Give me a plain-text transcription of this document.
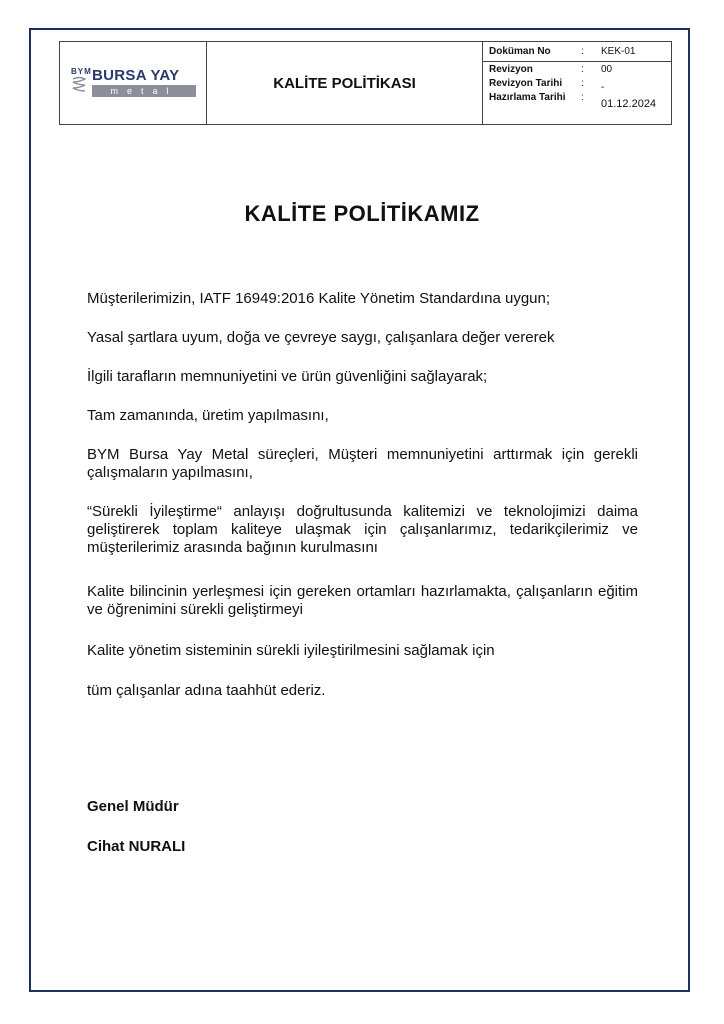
BYM BURSA YAY
metal	KALİTE POLİTİKASI
Doküman No	:	KEK-01
Revizyon	:	00
Revizyon Tarihi	:	-
Hazırlama Tarihi	:
01.12.2024
KALİTE POLİTİKAMIZ
Müşterilerimizin, IATF 16949:2016 Kalite Yönetim Standardına uygun;
Yasal şartlara uyum, doğa ve çevreye saygı, çalışanlara değer vererek
İlgili tarafların memnuniyetini ve ürün güvenliğini sağlayarak;
Tam zamanında, üretim yapılmasını,
BYM Bursa Yay Metal süreçleri, Müşteri memnuniyetini arttırmak için gerekli çalışmaların yapılmasını,
“Sürekli İyileştirme“ anlayışı doğrultusunda kalitemizi ve teknolojimizi daima geliştirerek toplam kaliteye ulaşmak için çalışanlarımız, tedarikçilerimiz ve müşterilerimiz arasında bağının kurulmasını
Kalite bilincinin yerleşmesi için gereken ortamları hazırlamakta, çalışanların eğitim ve öğrenimini sürekli geliştirmeyi
Kalite yönetim sisteminin sürekli iyileştirilmesini sağlamak için
tüm çalışanlar adına taahhüt ederiz.
Genel Müdür
Cihat NURALI
